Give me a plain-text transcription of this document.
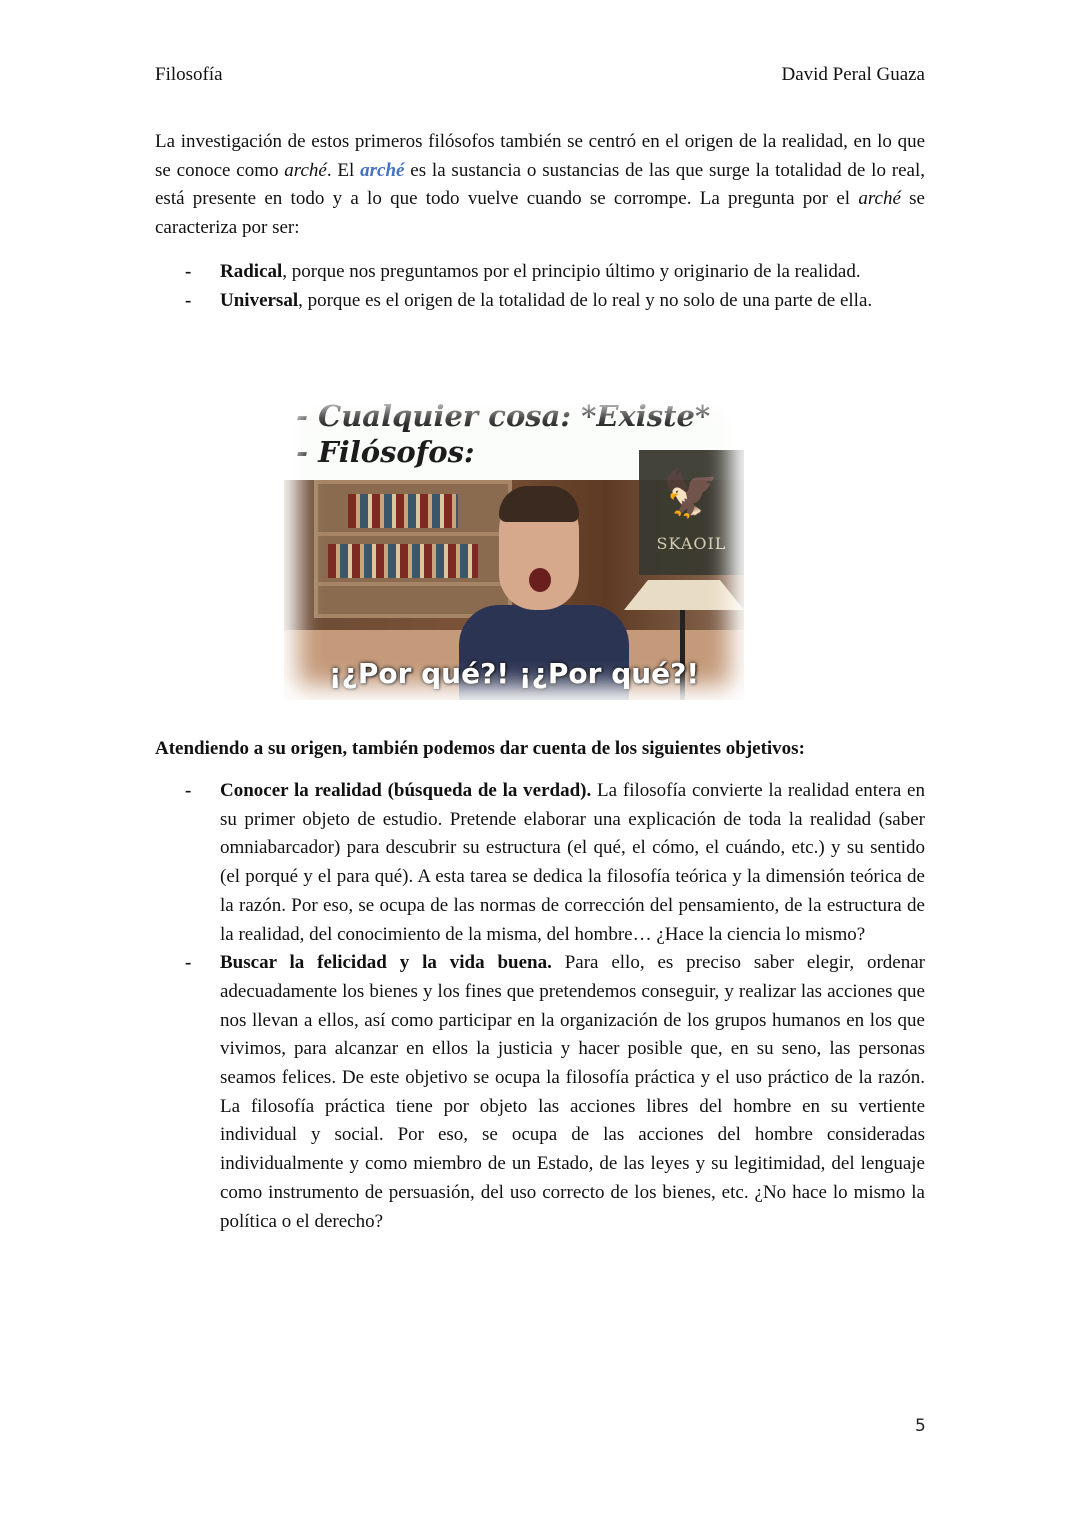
Filosofía	David Peral Guaza

La investigación de estos primeros filósofos también se centró en el origen de la realidad, en lo que se conoce como arché. El arché es la sustancia o sustancias de las que surge la totalidad de lo real, está presente en todo y a lo que todo vuelve cuando se corrompe. La pregunta por el arché se caracteriza por ser:

- Radical, porque nos preguntamos por el principio último y originario de la realidad.
- Universal, porque es el origen de la totalidad de lo real y no solo de una parte de ella.
- Cualquier cosa: *Existe*
- Filósofos:
🦅
SKAOIL
¡¿Por qué?! ¡¿Por qué?!
Atendiendo a su origen, también podemos dar cuenta de los siguientes objetivos:
- Conocer la realidad (búsqueda de la verdad). La filosofía convierte la realidad entera en su primer objeto de estudio. Pretende elaborar una explicación de toda la realidad (saber omniabarcador) para descubrir su estructura (el qué, el cómo, el cuándo, etc.) y su sentido (el porqué y el para qué). A esta tarea se dedica la filosofía teórica y la dimensión teórica de la razón. Por eso, se ocupa de las normas de corrección del pensamiento, de la estructura de la realidad, del conocimiento de la misma, del hombre… ¿Hace la ciencia lo mismo?
- Buscar la felicidad y la vida buena. Para ello, es preciso saber elegir, ordenar adecuadamente los bienes y los fines que pretendemos conseguir, y realizar las acciones que nos llevan a ellos, así como participar en la organización de los grupos humanos en los que vivimos, para alcanzar en ellos la justicia y hacer posible que, en su seno, las personas seamos felices. De este objetivo se ocupa la filosofía práctica y el uso práctico de la razón. La filosofía práctica tiene por objeto las acciones libres del hombre en su vertiente individual y social. Por eso, se ocupa de las acciones del hombre consideradas individualmente y como miembro de un Estado, de las leyes y su legitimidad, del lenguaje como instrumento de persuasión, del uso correcto de los bienes, etc. ¿No hace lo mismo la política o el derecho?
5
